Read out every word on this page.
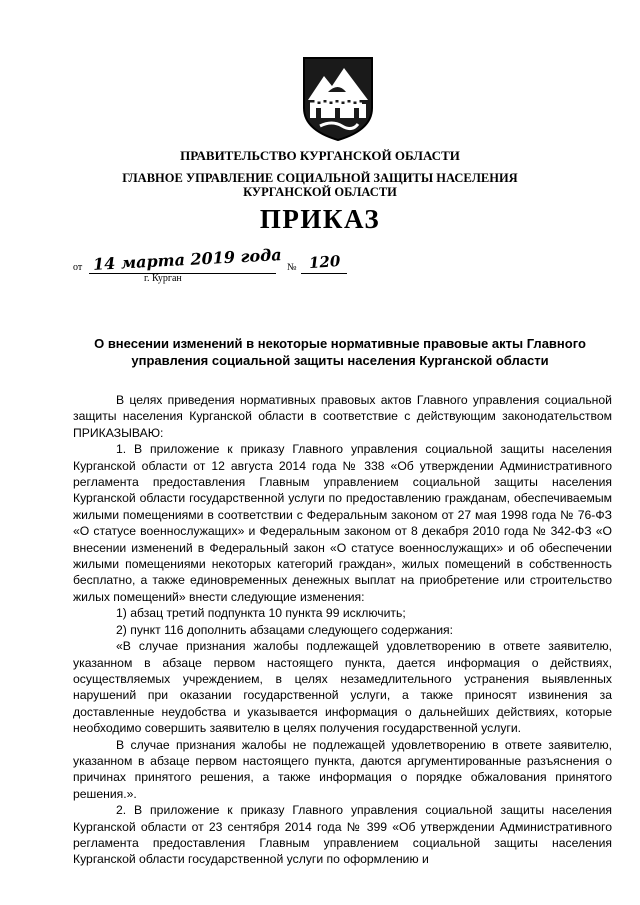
ПРАВИТЕЛЬСТВО КУРГАНСКОЙ ОБЛАСТИ
ГЛАВНОЕ УПРАВЛЕНИЕ СОЦИАЛЬНОЙ ЗАЩИТЫ НАСЕЛЕНИЯ
КУРГАНСКОЙ ОБЛАСТИ
ПРИКАЗ
от 14 марта 2019 года № 120
г. Курган
О внесении изменений в некоторые нормативные правовые акты Главного
управления социальной защиты населения Курганской области

В целях приведения нормативных правовых актов Главного управления социальной защиты населения Курганской области в соответствие с действующим законодательством ПРИКАЗЫВАЮ:

1. В приложение к приказу Главного управления социальной защиты населения Курганской области от 12 августа 2014 года № 338 «Об утверждении Административного регламента предоставления Главным управлением социальной защиты населения Курганской области государственной услуги по предоставлению гражданам, обеспечиваемым жилыми помещениями в соответствии с Федеральным законом от 27 мая 1998 года № 76-ФЗ «О статусе военнослужащих» и Федеральным законом от 8 декабря 2010 года № 342-ФЗ «О внесении изменений в Федеральный закон «О статусе военнослужащих» и об обеспечении жилыми помещениями некоторых категорий граждан», жилых помещений в собственность бесплатно, а также единовременных денежных выплат на приобретение или строительство жилых помещений» внести следующие изменения:

1) абзац третий подпункта 10 пункта 99 исключить;

2) пункт 116 дополнить абзацами следующего содержания:

«В случае признания жалобы подлежащей удовлетворению в ответе заявителю, указанном в абзаце первом настоящего пункта, дается информация о действиях, осуществляемых учреждением, в целях незамедлительного устранения выявленных нарушений при оказании государственной услуги, а также приносят извинения за доставленные неудобства и указывается информация о дальнейших действиях, которые необходимо совершить заявителю в целях получения государственной услуги.

В случае признания жалобы не подлежащей удовлетворению в ответе заявителю, указанном в абзаце первом настоящего пункта, даются аргументированные разъяснения о причинах принятого решения, а также информация о порядке обжалования принятого решения.».

2. В приложение к приказу Главного управления социальной защиты населения Курганской области от 23 сентября 2014 года № 399 «Об утверждении Административного регламента предоставления Главным управлением социальной защиты населения Курганской области государственной услуги по оформлению и
